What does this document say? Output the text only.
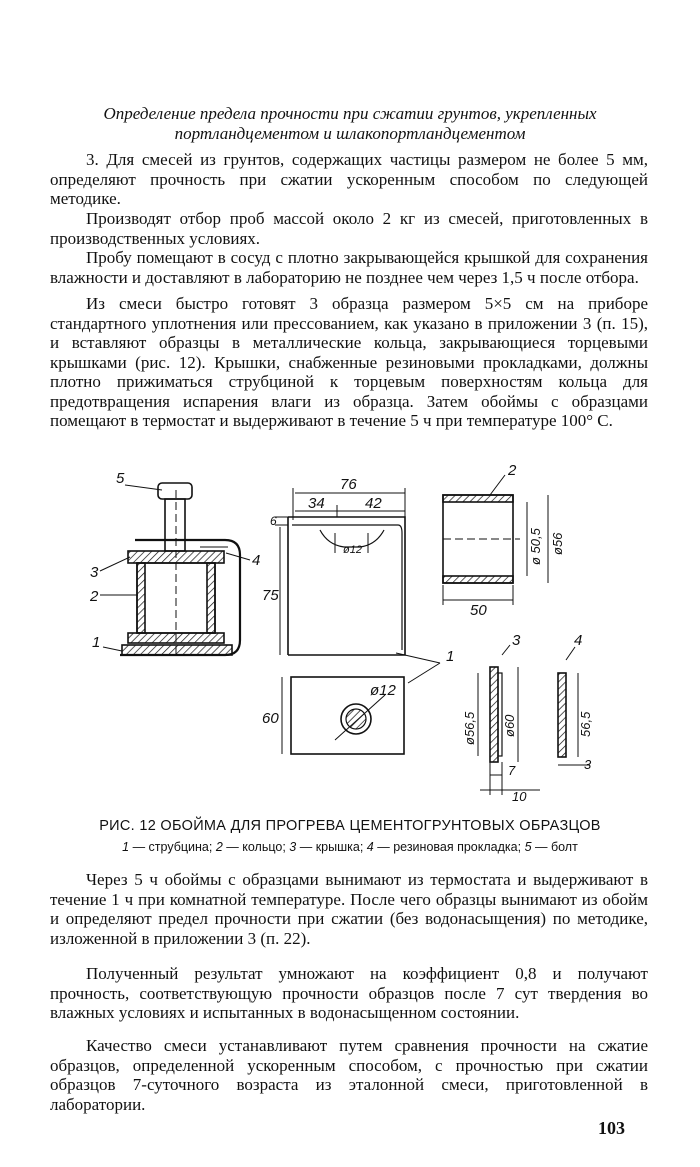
Определение предела прочности при сжатии грунтов, укрепленных портландцементом и шлакопортландцементом

3. Для смесей из грунтов, содержащих частицы размером не более 5 мм, определяют прочность при сжатии ускоренным способом по следующей методике.

Производят отбор проб массой около 2 кг из смесей, приготовленных в производственных условиях.

Пробу помещают в сосуд с плотно закрывающейся крышкой для сохранения влажности и доставляют в лабораторию не позднее чем через 1,5 ч после отбора.

Из смеси быстро готовят 3 образца размером 5×5 см на приборе стандартного уплотнения или прессованием, как указано в приложении 3 (п. 15), и вставляют образцы в металлические кольца, закрывающиеся торцевыми крышками (рис. 12). Крышки, снабженные резиновыми прокладками, должны плотно прижиматься струбциной к торцевым поверхностям кольца для предотвращения испарения влаги из образца. Затем обоймы с образцами помещают в термостат и выдерживают в течение 5 ч при температуре 100° С.

5
3
4
2
1
1
2
3	4
76
34	42
6
ø12
75
60
ø12
ø 50,5 ø56
50
ø56,5 ø60
7
10
56,5
3
РИС. 12 ОБОЙМА ДЛЯ ПРОГРЕВА ЦЕМЕНТОГРУНТОВЫХ ОБРАЗЦОВ
1 — струбцина; 2 — кольцо; 3 — крышка; 4 — резиновая прокладка; 5 — болт

Через 5 ч обоймы с образцами вынимают из термостата и выдерживают в течение 1 ч при комнатной температуре. После чего образцы вынимают из обойм и определяют предел прочности при сжатии (без водонасыщения) по методике, изложенной в приложении 3 (п. 22).

Полученный результат умножают на коэффициент 0,8 и получают прочность, соответствующую прочности образцов после 7 сут твердения во влажных условиях и испытанных в водонасыщенном состоянии.

Качество смеси устанавливают путем сравнения прочности на сжатие образцов, определенной ускоренным способом, с прочностью при сжатии образцов 7-суточного возраста из эталонной смеси, приготовленной в лаборатории.

103
